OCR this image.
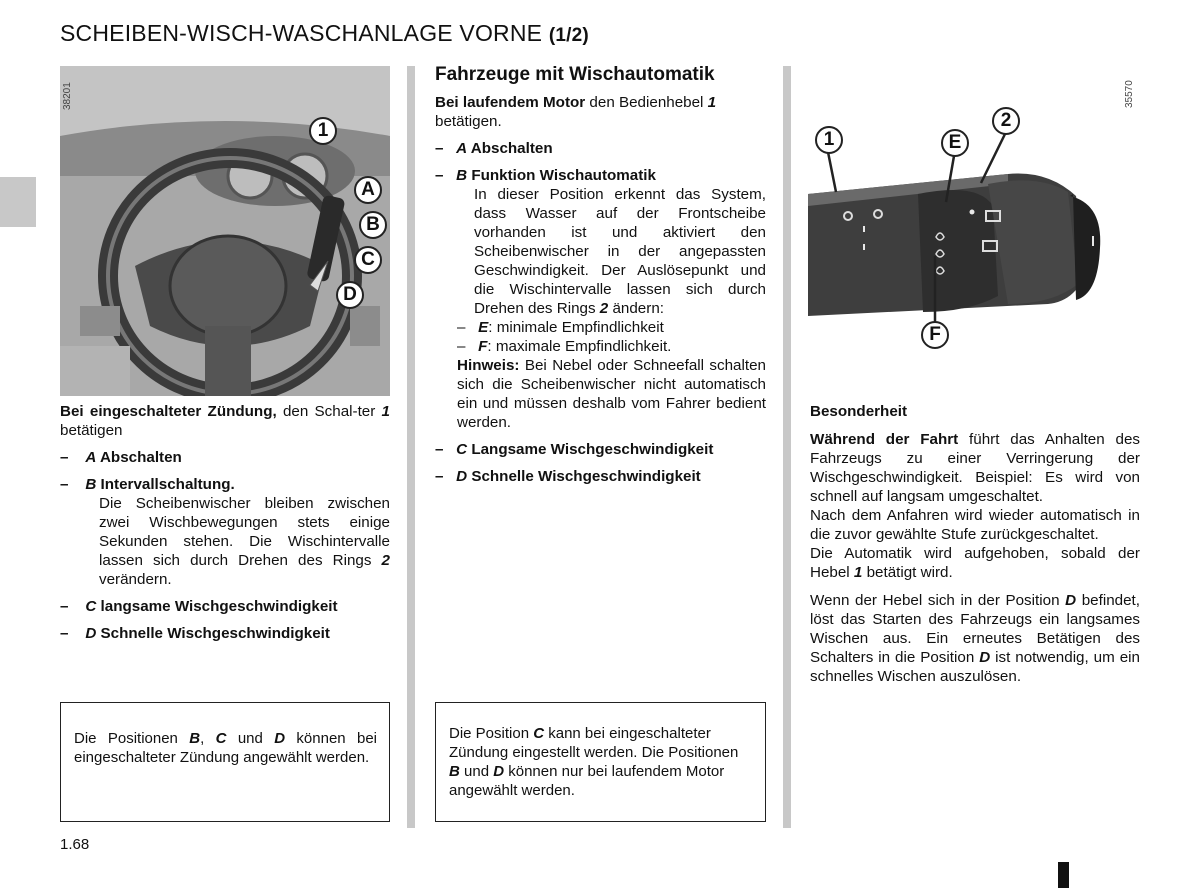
SCHEIBEN-WISCH-WASCHANLAGE VORNE (1/2)
38201
1
A
B
C
D

Bei eingeschalteter Zündung, den Schal-ter 1 betätigen

– A Abschalten
– B Intervallschaltung.
Die Scheibenwischer bleiben zwischen zwei Wischbewegungen stets einige Sekunden stehen. Die Wischintervalle lassen sich durch Drehen des Rings 2 verändern.
– C langsame Wischgeschwindigkeit
– D Schnelle Wischgeschwindigkeit
Die Positionen B, C und D können bei eingeschalteter Zündung angewählt werden.
Fahrzeuge mit Wischautomatik

Bei laufendem Motor den Bedienhebel 1 betätigen.

– A Abschalten
– B Funktion Wischautomatik
In dieser Position erkennt das System, dass Wasser auf der Frontscheibe vorhanden ist und aktiviert den Scheibenwischer in der angepassten Geschwindigkeit. Der Auslösepunkt und die Wischintervalle lassen sich durch Drehen des Rings 2 ändern:
– E: minimale Empfindlichkeit
– F: maximale Empfindlichkeit.
Hinweis: Bei Nebel oder Schneefall schalten sich die Scheibenwischer nicht automatisch ein und müssen deshalb vom Fahrer bedient werden.
– C Langsame Wischgeschwindigkeit
– D Schnelle Wischgeschwindigkeit
Die Position C kann bei eingeschalteter Zündung eingestellt werden. Die Positionen B und D können nur bei laufendem Motor angewählt werden.
35570
1
2
E
F

Besonderheit

Während der Fahrt führt das Anhalten des Fahrzeugs zu einer Verringerung der Wischgeschwindigkeit. Beispiel: Es wird von schnell auf langsam umgeschaltet.

Nach dem Anfahren wird wieder automatisch in die zuvor gewählte Stufe zurückgeschaltet.

Die Automatik wird aufgehoben, sobald der Hebel 1 betätigt wird.

Wenn der Hebel sich in der Position D befindet, löst das Starten des Fahrzeugs ein langsames Wischen aus. Ein erneutes Betätigen des Schalters in die Position D ist notwendig, um ein schnelles Wischen auszulösen.

1.68
